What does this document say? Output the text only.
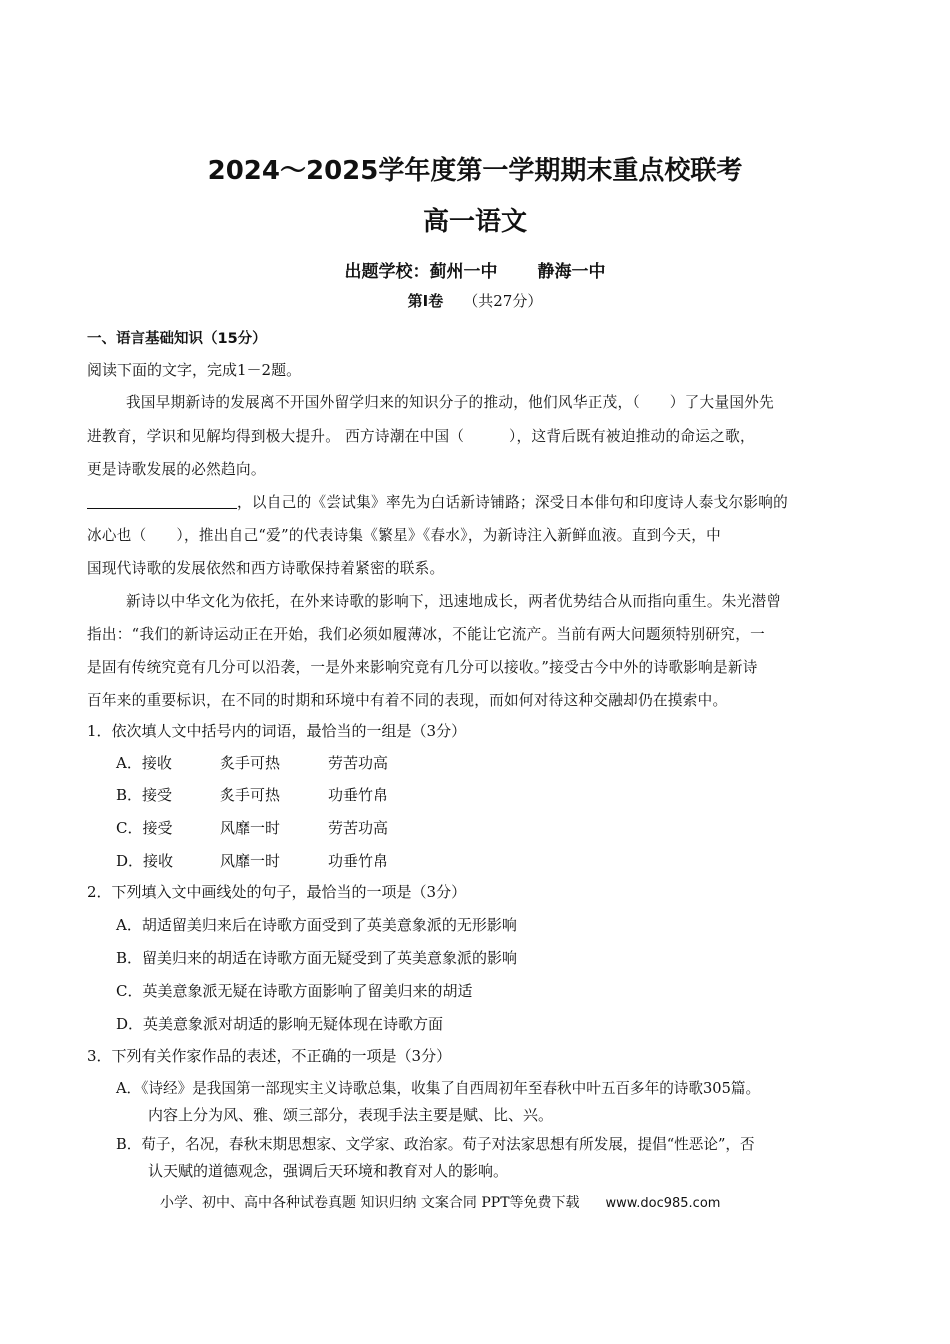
2024～2025学年度第一学期期末重点校联考
高一语文
出题学校：蓟州一中 静海一中
第Ⅰ卷 （共27分）
一、语言基础知识（15分）
阅读下面的文字，完成1－2题。
我国早期新诗的发展离不开国外留学归来的知识分子的推动，他们风华正茂，（　　）了大量国外先
进教育，学识和见解均得到极大提升。 西方诗潮在中国（　　　），这背后既有被迫推动的命运之歌，
更是诗歌发展的必然趋向。
，以自己的《尝试集》率先为白话新诗铺路；深受日本俳句和印度诗人泰戈尔影响的
冰心也（　　），推出自己“爱”的代表诗集《繁星》《春水》，为新诗注入新鲜血液。直到今天，中
国现代诗歌的发展依然和西方诗歌保持着紧密的联系。
新诗以中华文化为依托，在外来诗歌的影响下，迅速地成长，两者优势结合从而指向重生。朱光潜曾
指出：“我们的新诗运动正在开始，我们必须如履薄冰，不能让它流产。当前有两大问题须特别研究，一
是固有传统究竟有几分可以沿袭，一是外来影响究竟有几分可以接收。”接受古今中外的诗歌影响是新诗
百年来的重要标识，在不同的时期和环境中有着不同的表现，而如何对待这种交融却仍在摸索中。
1．依次填人文中括号内的词语，最恰当的一组是（3分）
A．接收	炙手可热	劳苦功高
B．接受	炙手可热	功垂竹帛
C．接受	风靡一时	劳苦功高
D．接收	风靡一时	功垂竹帛
2．下列填入文中画线处的句子，最恰当的一项是（3分）
A．胡适留美归来后在诗歌方面受到了英美意象派的无形影响
B．留美归来的胡适在诗歌方面无疑受到了英美意象派的影响
C．英美意象派无疑在诗歌方面影响了留美归来的胡适
D．英美意象派对胡适的影响无疑体现在诗歌方面
3．下列有关作家作品的表述，不正确的一项是（3分）
A．《诗经》是我国第一部现实主义诗歌总集，收集了自西周初年至春秋中叶五百多年的诗歌305篇。
内容上分为风、雅、颂三部分，表现手法主要是赋、比、兴。
B．荀子，名况，春秋末期思想家、文学家、政治家。荀子对法家思想有所发展，提倡“性恶论”，否
认天赋的道德观念，强调后天环境和教育对人的影响。
小学、初中、高中各种试卷真题 知识归纳 文案合同 PPT等免费下载 www.doc985.com
